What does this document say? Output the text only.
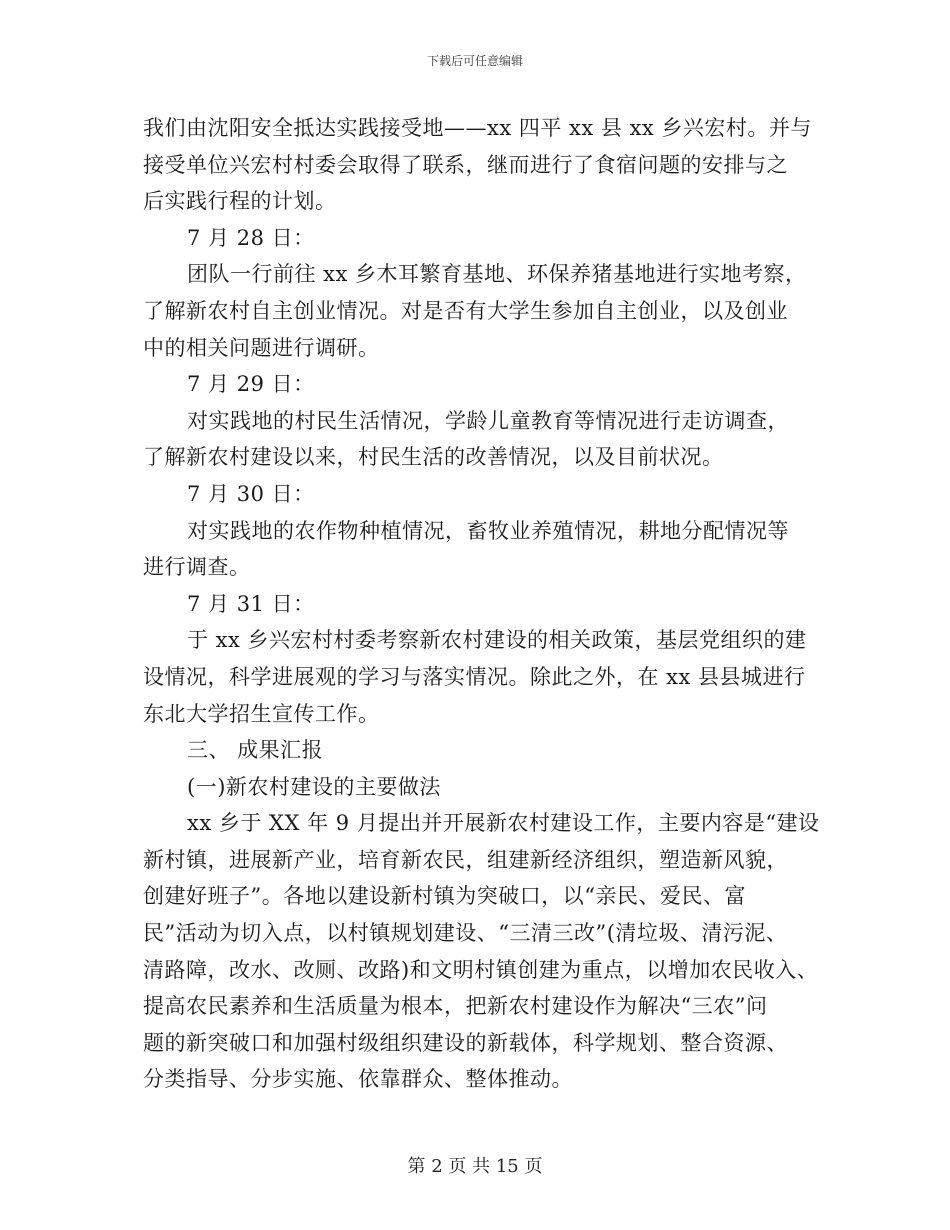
下载后可任意编辑
我们由沈阳安全抵达实践接受地——xx 四平 xx 县 xx 乡兴宏村。并与
接受单位兴宏村村委会取得了联系，继而进行了食宿问题的安排与之
后实践行程的计划。
7 月 28 日：
团队一行前往 xx 乡木耳繁育基地、环保养猪基地进行实地考察，
了解新农村自主创业情况。对是否有大学生参加自主创业，以及创业
中的相关问题进行调研。
7 月 29 日：
对实践地的村民生活情况，学龄儿童教育等情况进行走访调查，
了解新农村建设以来，村民生活的改善情况，以及目前状况。
7 月 30 日：
对实践地的农作物种植情况，畜牧业养殖情况，耕地分配情况等
进行调查。
7 月 31 日：
于 xx 乡兴宏村村委考察新农村建设的相关政策，基层党组织的建
设情况，科学进展观的学习与落实情况。除此之外，在 xx 县县城进行
东北大学招生宣传工作。
三、 成果汇报
(一)新农村建设的主要做法
xx 乡于 XX 年 9 月提出并开展新农村建设工作，主要内容是“建设
新村镇，进展新产业，培育新农民，组建新经济组织，塑造新风貌，
创建好班子”。各地以建设新村镇为突破口，以“亲民、爱民、富
民”活动为切入点，以村镇规划建设、“三清三改”(清垃圾、清污泥、
清路障，改水、改厕、改路)和文明村镇创建为重点，以增加农民收入、
提高农民素养和生活质量为根本，把新农村建设作为解决“三农”问
题的新突破口和加强村级组织建设的新载体，科学规划、整合资源、
分类指导、分步实施、依靠群众、整体推动。
第 2 页 共 15 页
